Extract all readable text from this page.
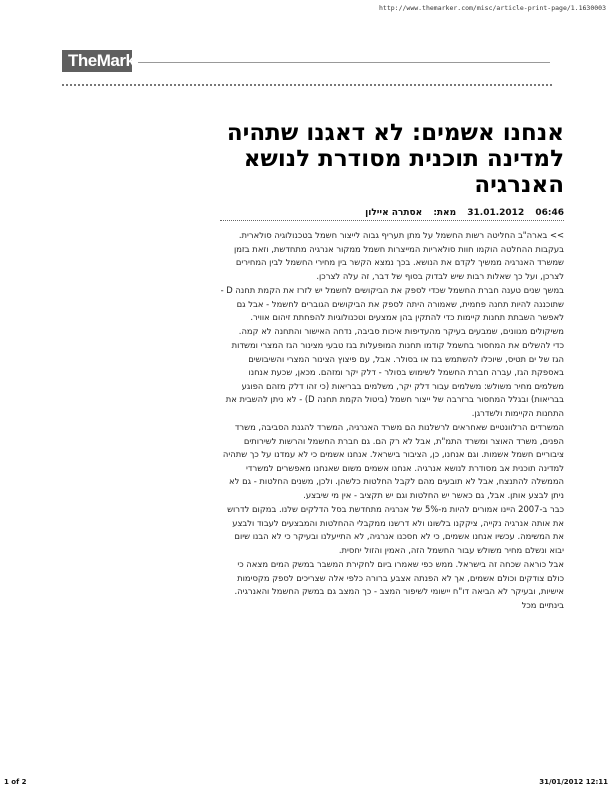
http://www.themarker.com/misc/article-print-page/1.1630003
TheMarker
אנחנו אשמים: לא דאגנו שתהיה למדינה תוכנית מסודרת לנושא האנרגיה
06:46 31.01.2012 מאת: אסתרה איילון

>> בארה"ב החליטה רשות החשמל על מתן תעריף גבוה לייצור חשמל בטכנולוגיה סולארית. בעקבות ההחלטה הוקמו חוות סולאריות המייצרות חשמל ממקור אנרגיה מתחדשת, וזאת בזמן שמשרד האנרגיה ממשיך לקדם את הנושא. בכך נמצא הקשר בין מחירי החשמל לבין המחירים לצרכן, ועל כך שאלות רבות שיש לבדוק בסוף של דבר, זה עלה לצרכן.

במשך שנים טענה חברת החשמל שכדי לספק את הביקושים לחשמל יש לזרז את הקמת תחנה D - שתוכננה להיות תחנה פחמית, שאמורה היתה לספק את הביקושים הגוברים לחשמל - אבל גם לאפשר השבתת תחנות קיימות כדי להתקין בהן אמצעים וטכנולוגיות להפחתת זיהום אוויר. משיקולים מגוונים, שמבעים בעיקר מהעדיפות איכות סביבה, נדחה האישור והתחנה לא קמה.

כדי להשלים את המחסור בחשמל קודמו תחנות המופעלות בגז טבעי מצינור הגז המצרי ומשדות הגז של ים תטיס, שיוכלו להשתמש בגז או בסולר. אבל, עם פיצוץ הצינור המצרי והשיבושים באספקת הגז, עברה חברת החשמל לשימוש בסולר - דלק יקר ומזהם. מכאן, שכעת אנחנו משלמים מחיר משולש: משלמים עבור דלק יקר, משלמים בבריאות (כי זהו דלק מזהם הפוגע בבריאות) ובגלל המחסור ברזרבה של ייצור חשמל (ביטול הקמת תחנה D) - לא ניתן להשבית את התחנות הקיימות ולשדרגן.

המשרדים הרלוונטיים שאחראים לרשלנות הם משרד האנרגיה, המשרד להגנת הסביבה, משרד הפנים, משרד האוצר ומשרד התמ"ת, אבל לא רק הם. גם חברת החשמל והרשות לשירותים ציבוריים חשמל אשמות. וגם אנחנו, כן, הציבור בישראל. אנחנו אשמים כי לא עמדנו על כך שתהיה למדינה תוכנית אב מסודרת לנושא אנרגיה. אנחנו אשמים משום שאנחנו מאפשרים למשרדי הממשלה להתנצח, אבל לא תובעים מהם לקבל החלטות כלשהן. ולכן, משנים החלטות - גם לא ניתן לבצע אותן. אבל, גם כאשר יש החלטות וגם יש תקציב - אין מי שיבצע.

כבר ב-2007 היינו אמורים להיות מ-5% של אנרגיה מתחדשת בסל הדלקים שלנו. במקום לדרוש את אותה אנרגיה נקייה, ציקקנו בלשונו ולא דרשנו ממקבלי ההחלטות והמבצעים לעבוד ולבצע את המשימה. עכשיו אנחנו אשמים, כי לא חסכנו אנרגיה, לא התייעלנו ובעיקר כי לא הבנו שיום יבוא ונשלם מחיר משולש עבור החשמל הזה, האמין והזול יחסית.

אבל כוראה שכחה זה בישראל. ממש כפי שאמרו ביום לחקירת המשבר במשק המים מצאה כי כולם צודקים וכולם אשמים, אך לא הפנתה אצבע ברורה כלפי אלה שצריכים לספק מקסימות אישיות, ובעיקר לא הביאה דו"ח יישומי לשיפור המצב - כך המצב גם במשק החשמל והאנרגיה. בינתיים מכל

1 of 2	31/01/2012 12:11
